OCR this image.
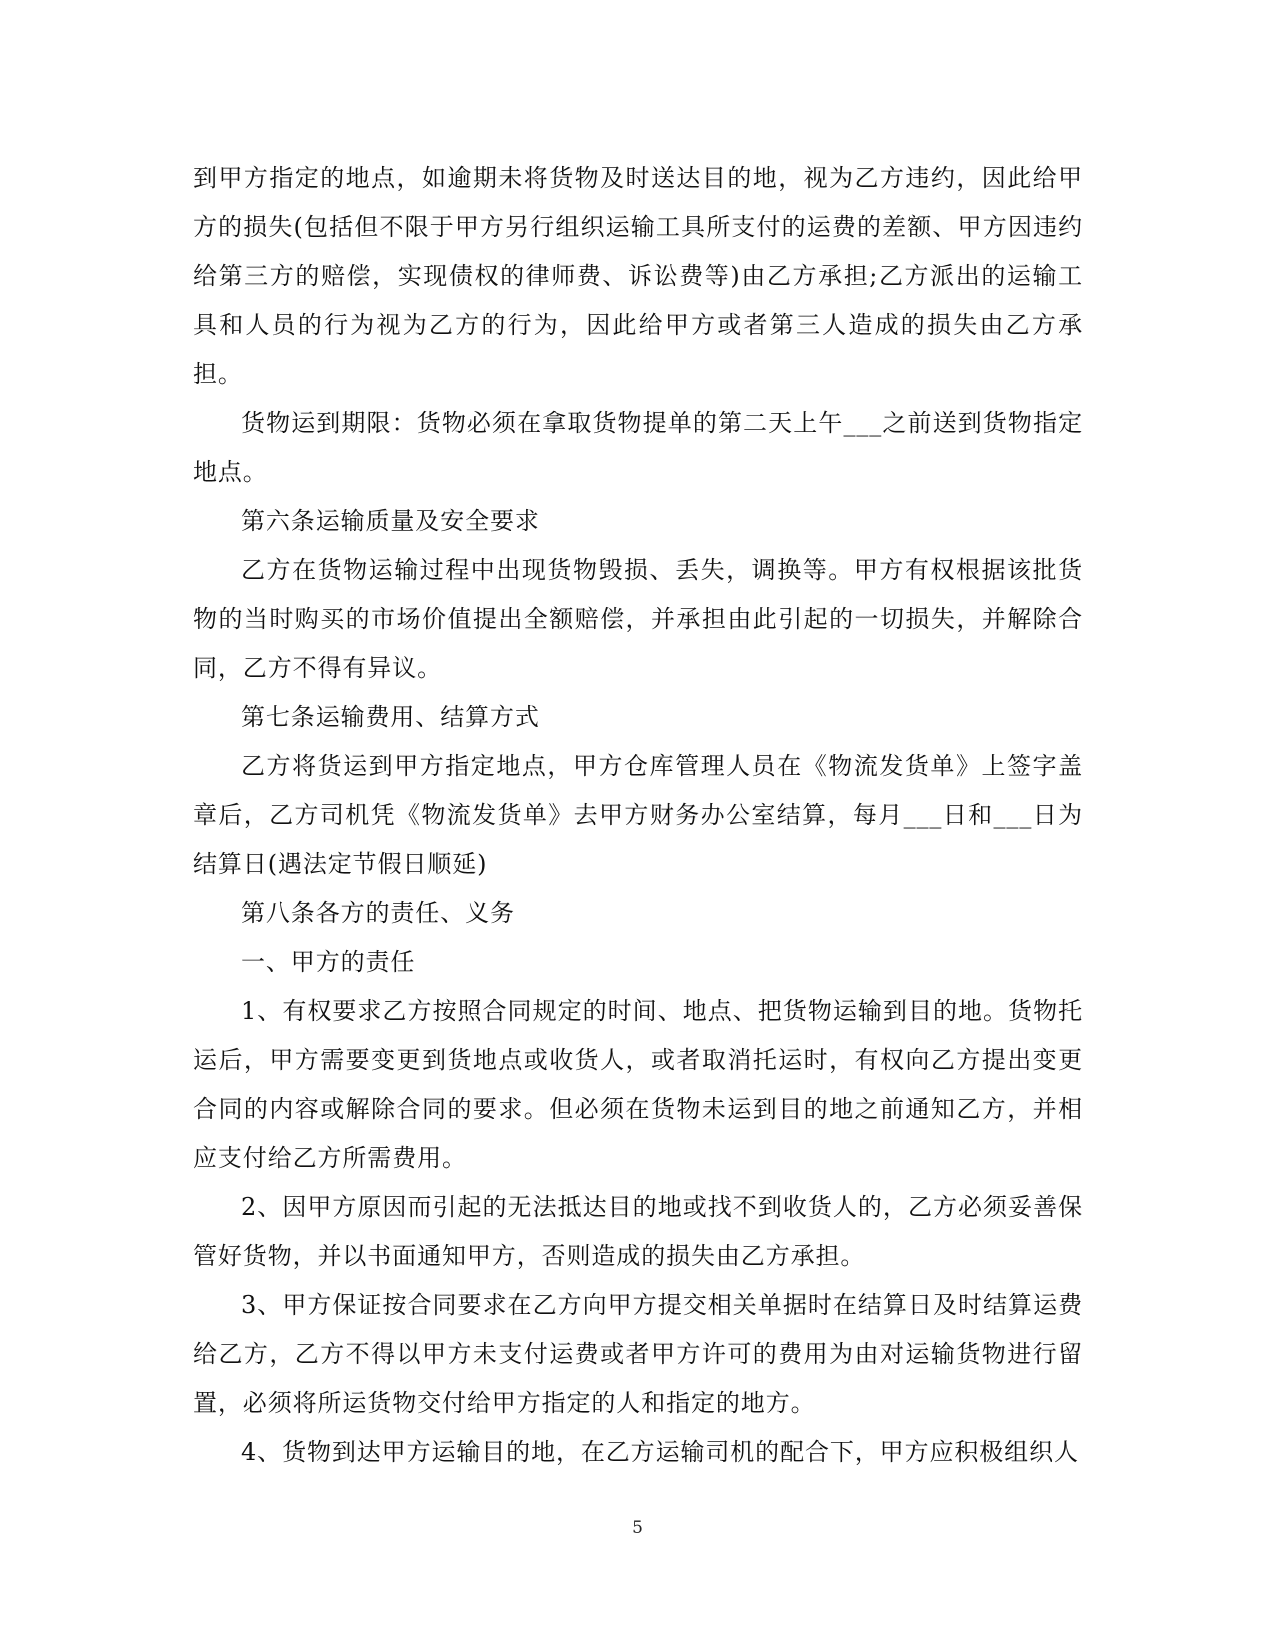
到甲方指定的地点，如逾期未将货物及时送达目的地，视为乙方违约，因此给甲方的损失(包括但不限于甲方另行组织运输工具所支付的运费的差额、甲方因违约给第三方的赔偿，实现债权的律师费、诉讼费等)由乙方承担;乙方派出的运输工具和人员的行为视为乙方的行为，因此给甲方或者第三人造成的损失由乙方承担。

货物运到期限：货物必须在拿取货物提单的第二天上午___之前送到货物指定地点。

第六条运输质量及安全要求

乙方在货物运输过程中出现货物毁损、丢失，调换等。甲方有权根据该批货物的当时购买的市场价值提出全额赔偿，并承担由此引起的一切损失，并解除合同，乙方不得有异议。

第七条运输费用、结算方式

乙方将货运到甲方指定地点，甲方仓库管理人员在《物流发货单》上签字盖章后，乙方司机凭《物流发货单》去甲方财务办公室结算，每月___日和___日为结算日(遇法定节假日顺延)

第八条各方的责任、义务

一、甲方的责任

1、有权要求乙方按照合同规定的时间、地点、把货物运输到目的地。货物托运后，甲方需要变更到货地点或收货人，或者取消托运时，有权向乙方提出变更合同的内容或解除合同的要求。但必须在货物未运到目的地之前通知乙方，并相应支付给乙方所需费用。

2、因甲方原因而引起的无法抵达目的地或找不到收货人的，乙方必须妥善保管好货物，并以书面通知甲方，否则造成的损失由乙方承担。

3、甲方保证按合同要求在乙方向甲方提交相关单据时在结算日及时结算运费给乙方，乙方不得以甲方未支付运费或者甲方许可的费用为由对运输货物进行留置，必须将所运货物交付给甲方指定的人和指定的地方。

4、货物到达甲方运输目的地，在乙方运输司机的配合下，甲方应积极组织人

5
